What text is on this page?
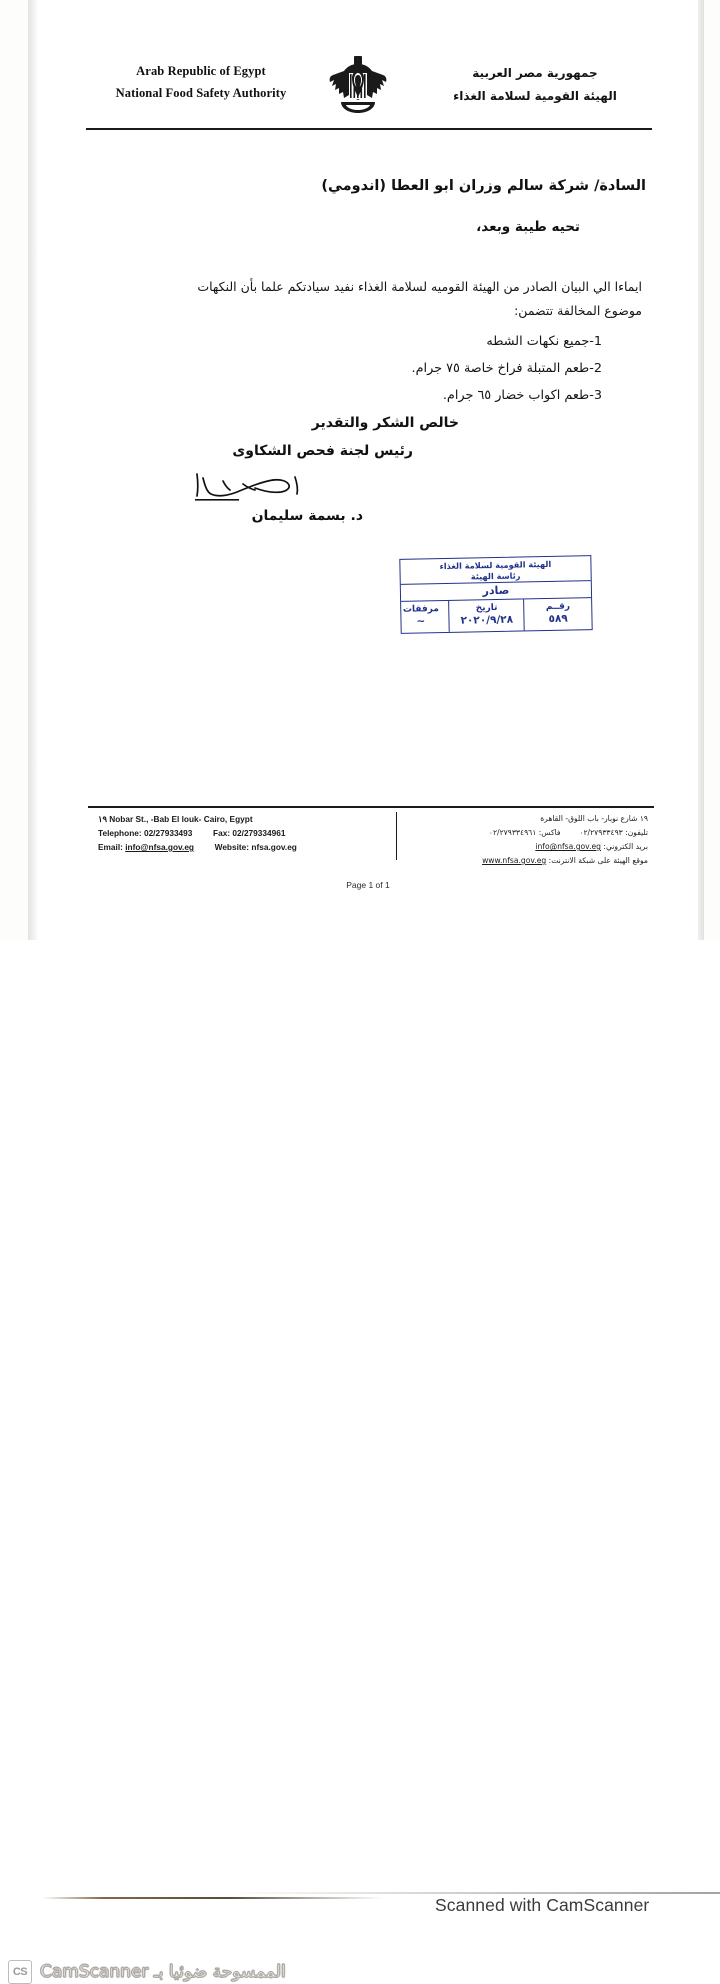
Arab Republic of Egypt
National Food Safety Authority
جمهورية مصر العربية
الهيئة القومية لسلامة الغذاء
السادة/ شركة سالم وزران ابو العطا (اندومي)
تحيه طيبة وبعد،
ايماءا الي البيان الصادر من الهيئة القوميه لسلامة الغذاء نفيد سيادتكم علما بأن النكهات موضوع المخالفة تتضمن:
1-جميع نكهات الشطه
2-طعم المتبلة فراخ خاصة ٧٥ جرام.
3-طعم اكواب خضار ٦٥ جرام.
خالص الشكر والتقدير
رئيس لجنة فحص الشكاوى
د. بسمة سليمان
الهيئة القومية لسلامة الغذاء
رئاسة الهيئة
صادر
رقــم
٥٨٩
تاريخ
٢٠٢٠/٩/٢٨
مرفقات
~
١٩ Nobar St., -Bab El louk- Cairo, Egypt
Telephone: 02/27933493 Fax: 02/279334961
Email: info@nfsa.gov.eg Website: nfsa.gov.eg
١٩ شارع نوبار- باب اللوق- القاهرة
تليفون: ٠٢/٢٧٩٣٣٤٩٣  فاكس: ٠٢/٢٧٩٣٣٤٩٦١
بريد الكتروني: info@nfsa.gov.eg
موقع الهيئة على شبكة الانترنت: www.nfsa.gov.eg
Page 1 of 1
Scanned with CamScanner
CS الممسوحة ضوئيا بـ CamScanner
